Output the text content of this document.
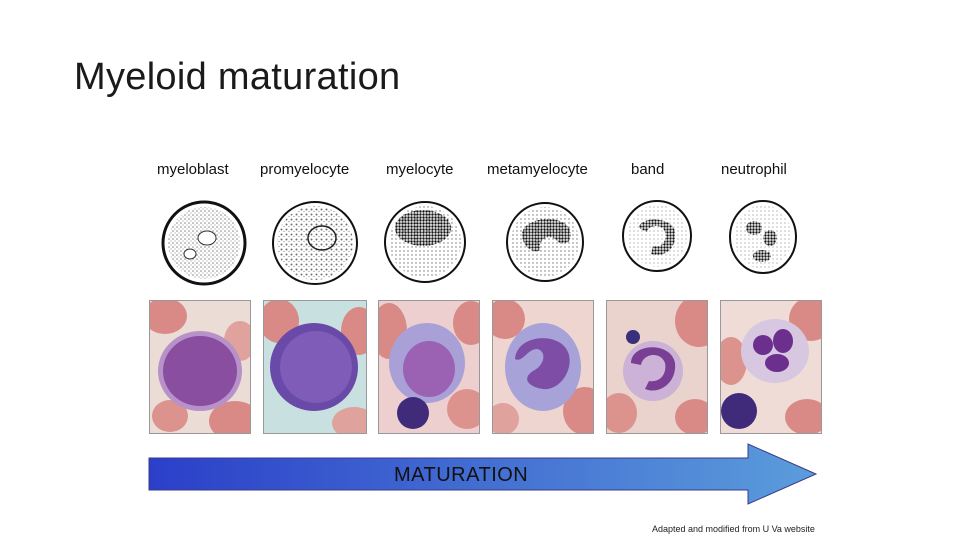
Myeloid maturation
myeloblast promyelocyte myelocyte metamyelocyte	band	neutrophil
MATURATION
Adapted and modified from U Va website
